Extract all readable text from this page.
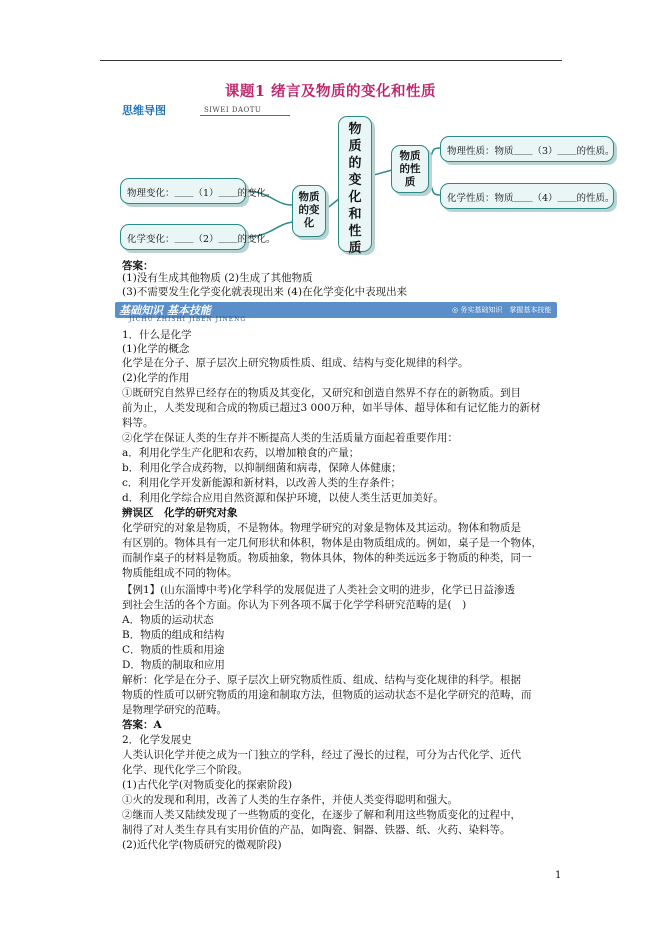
课题1 绪言及物质的变化和性质
思维导图	SIWEI DAOTU
物
质
的
变
化
和
性
质
物质
的变
化
物质
的性
质
物理变化：＿＿（1）＿＿的变化。
化学变化：＿＿（2）＿＿的变化。
物理性质：物质＿＿（3）＿＿的性质。
化学性质：物质＿＿（4）＿＿的性质。
答案：
(1)没有生成其他物质 (2)生成了其他物质
(3)不需要发生化学变化就表现出来 (4)在化学变化中表现出来
基础知识 基本技能
JICHU ZHISHI JIBEN JINENG
◎ 务实基础知识　掌握基本技能
1．什么是化学
(1)化学的概念
化学是在分子、原子层次上研究物质性质、组成、结构与变化规律的科学。
(2)化学的作用
①既研究自然界已经存在的物质及其变化，又研究和创造自然界不存在的新物质。到目
前为止，人类发现和合成的物质已超过3 000万种，如半导体、超导体和有记忆能力的新材
料等。
②化学在保证人类的生存并不断提高人类的生活质量方面起着重要作用：
a．利用化学生产化肥和农药，以增加粮食的产量；
b．利用化学合成药物，以抑制细菌和病毒，保障人体健康；
c．利用化学开发新能源和新材料，以改善人类的生存条件；
d．利用化学综合应用自然资源和保护环境，以使人类生活更加美好。
辨误区　化学的研究对象
化学研究的对象是物质，不是物体。物理学研究的对象是物体及其运动。物体和物质是
有区别的。物体具有一定几何形状和体积，物体是由物质组成的。例如，桌子是一个物体，
而制作桌子的材料是物质。物质抽象，物体具体，物体的种类远远多于物质的种类，同一
物质能组成不同的物体。
【例1】(山东淄博中考)化学科学的发展促进了人类社会文明的进步，化学已日益渗透
到社会生活的各个方面。你认为下列各项不属于化学学科研究范畴的是(　)
A．物质的运动状态
B．物质的组成和结构
C．物质的性质和用途
D．物质的制取和应用
解析：化学是在分子、原子层次上研究物质性质、组成、结构与变化规律的科学。根据
物质的性质可以研究物质的用途和制取方法，但物质的运动状态不是化学研究的范畴，而
是物理学研究的范畴。
答案：A
2．化学发展史
人类认识化学并使之成为一门独立的学科，经过了漫长的过程，可分为古代化学、近代
化学、现代化学三个阶段。
(1)古代化学(对物质变化的探索阶段)
①火的发现和利用，改善了人类的生存条件，并使人类变得聪明和强大。
②继而人类又陆续发现了一些物质的变化，在逐步了解和利用这些物质变化的过程中，
制得了对人类生存具有实用价值的产品，如陶瓷、铜器、铁器、纸、火药、染料等。
(2)近代化学(物质研究的微观阶段)
1
